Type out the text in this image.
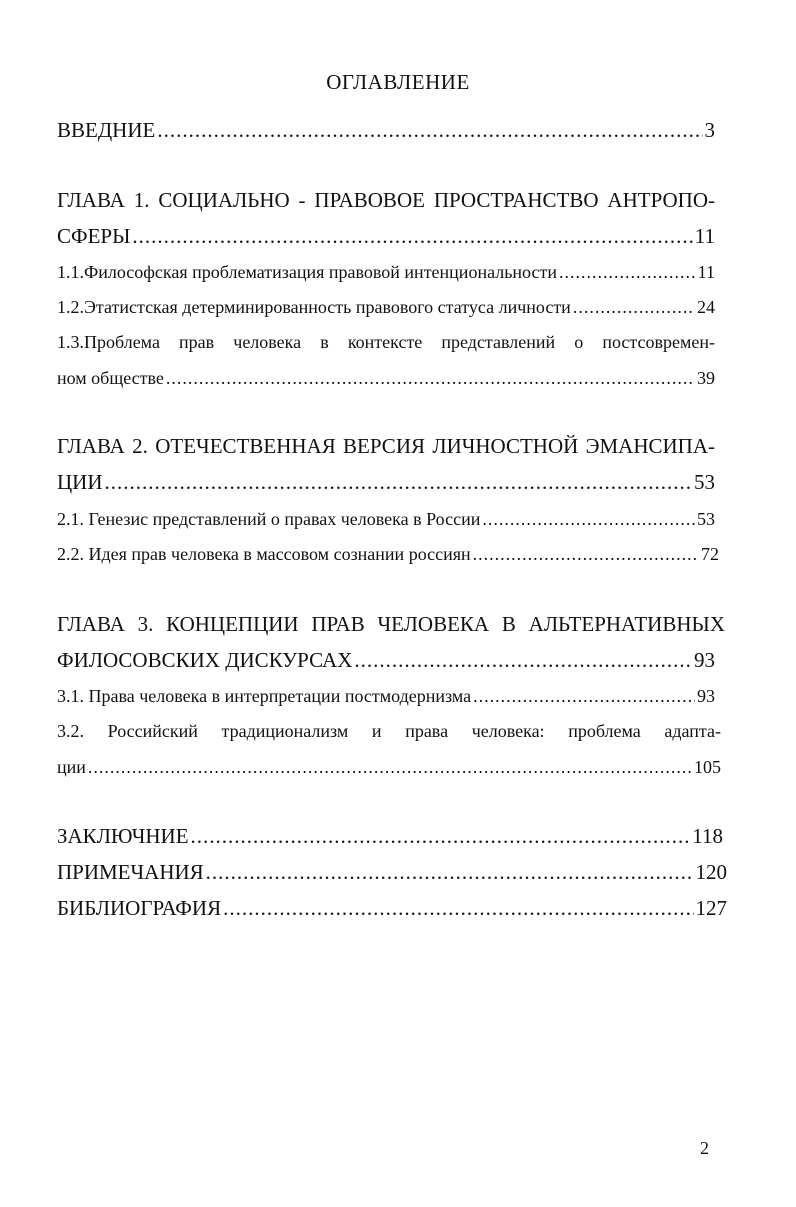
ОГЛАВЛЕНИЕ
ВВЕДНИЕ .....	3
ГЛАВА 1. СОЦИАЛЬНО - ПРАВОВОЕ ПРОСТРАНСТВО АНТРОПО-
СФЕРЫ .....	11
1.1.Философская проблематизация правовой интенциональности .....	11
1.2.Этатистская детерминированность правового статуса личности .....	24
1.3.Проблема прав человека в контексте представлений о постсовремен-
ном обществе .....	39
ГЛАВА 2. ОТЕЧЕСТВЕННАЯ ВЕРСИЯ ЛИЧНОСТНОЙ ЭМАНСИПА-
ЦИИ .....	53
2.1. Генезис представлений о правах человека в России .....	53
2.2. Идея прав человека в массовом сознании россиян .....	72
ГЛАВА 3. КОНЦЕПЦИИ ПРАВ ЧЕЛОВЕКА В АЛЬТЕРНАТИВНЫХ
ФИЛОСОВСКИХ ДИСКУРСАХ .....	93
3.1. Права человека в интерпретации постмодернизма .....	93
3.2. Российский традиционализм и права человека: проблема адапта-
ции .....	105
ЗАКЛЮЧНИЕ .....	118
ПРИМЕЧАНИЯ .....	120
БИБЛИОГРАФИЯ .....	127
2
